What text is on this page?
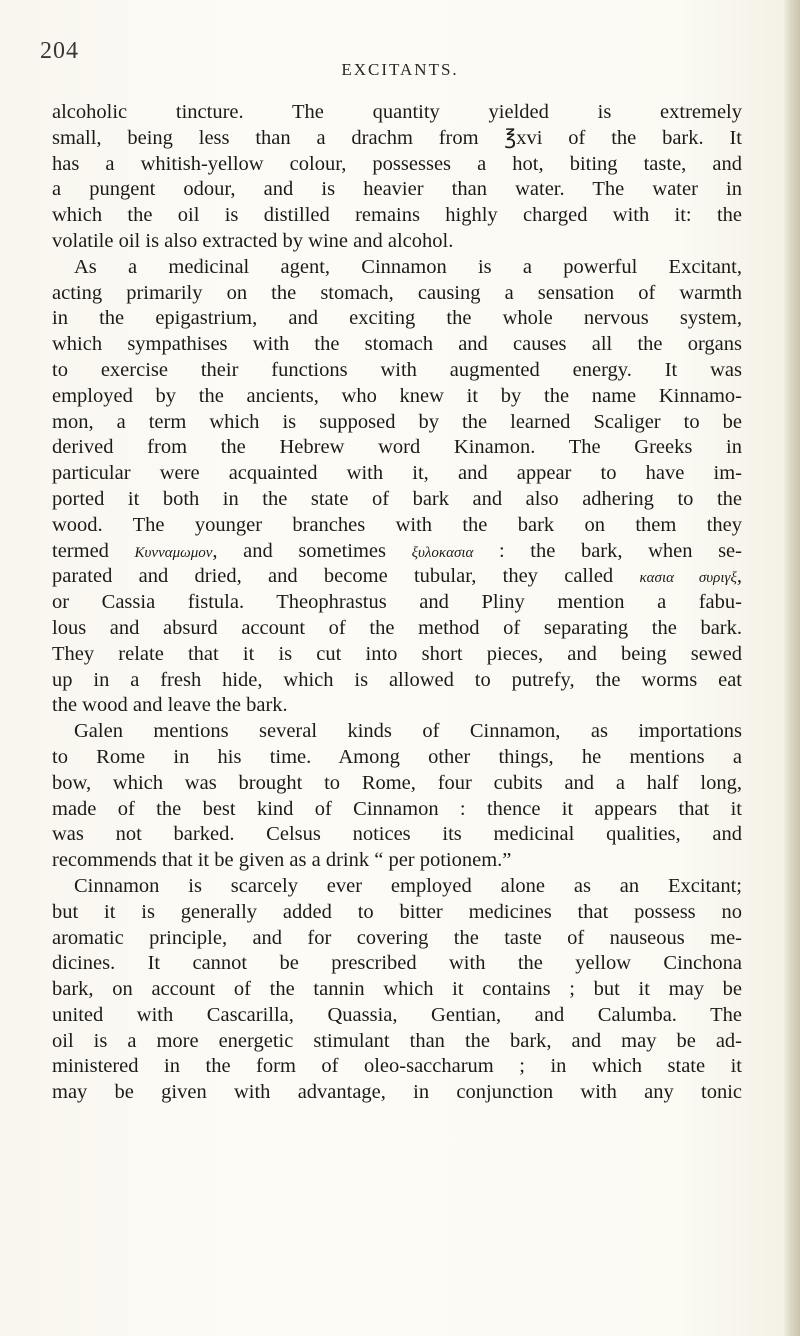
204
EXCITANTS.
alcoholic tincture. The quantity yielded is extremely
small, being less than a drachm from ℥xvi of the bark. It
has a whitish-yellow colour, possesses a hot, biting taste, and
a pungent odour, and is heavier than water. The water in
which the oil is distilled remains highly charged with it: the
volatile oil is also extracted by wine and alcohol.
As a medicinal agent, Cinnamon is a powerful Excitant,
acting primarily on the stomach, causing a sensation of warmth
in the epigastrium, and exciting the whole nervous system,
which sympathises with the stomach and causes all the organs
to exercise their functions with augmented energy. It was
employed by the ancients, who knew it by the name Kinnamo-
mon, a term which is supposed by the learned Scaliger to be
derived from the Hebrew word Kinamon. The Greeks in
particular were acquainted with it, and appear to have im-
ported it both in the state of bark and also adhering to the
wood. The younger branches with the bark on them they
termed Κυνναμωμον, and sometimes ξυλοκασια : the bark, when se-
parated and dried, and become tubular, they called κασια συριγξ,
or Cassia fistula. Theophrastus and Pliny mention a fabu-
lous and absurd account of the method of separating the bark.
They relate that it is cut into short pieces, and being sewed
up in a fresh hide, which is allowed to putrefy, the worms eat
the wood and leave the bark.
Galen mentions several kinds of Cinnamon, as importations
to Rome in his time. Among other things, he mentions a
bow, which was brought to Rome, four cubits and a half long,
made of the best kind of Cinnamon : thence it appears that it
was not barked. Celsus notices its medicinal qualities, and
recommends that it be given as a drink “ per potionem.”
Cinnamon is scarcely ever employed alone as an Excitant;
but it is generally added to bitter medicines that possess no
aromatic principle, and for covering the taste of nauseous me-
dicines. It cannot be prescribed with the yellow Cinchona
bark, on account of the tannin which it contains ; but it may be
united with Cascarilla, Quassia, Gentian, and Calumba. The
oil is a more energetic stimulant than the bark, and may be ad-
ministered in the form of oleo-saccharum ; in which state it
may be given with advantage, in conjunction with any tonic
